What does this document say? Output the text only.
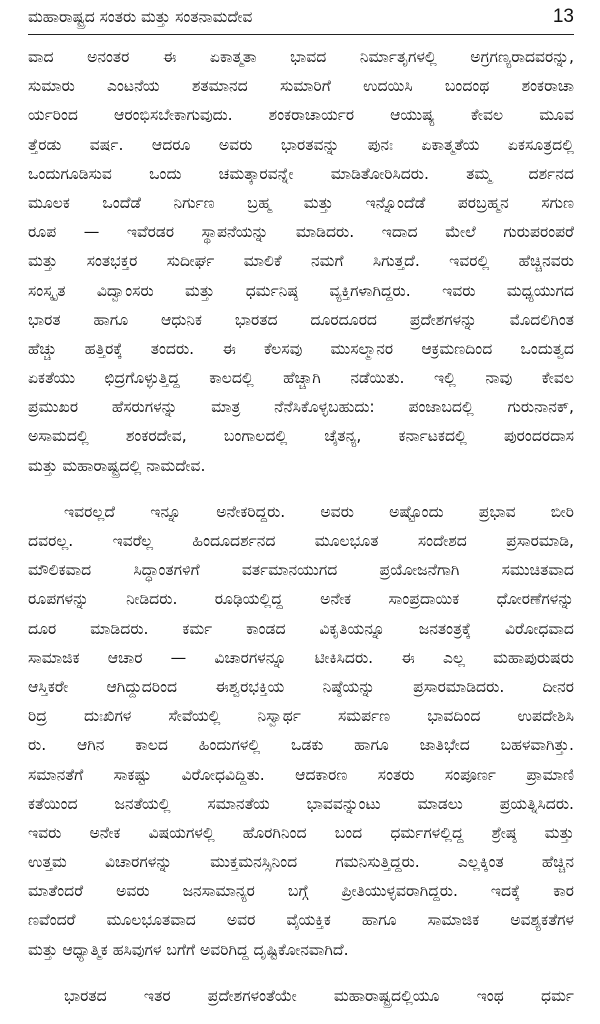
ಮಹಾರಾಷ್ಟ್ರದ ಸಂತರು ಮತ್ತು ಸಂತನಾಮದೇವ	13
ವಾದ ಅನಂತರ ಈ ಏಕಾತ್ಮತಾ ಭಾವದ ನಿರ್ಮಾತೃಗಳಲ್ಲಿ ಅಗ್ರಗಣ್ಯರಾದವರನ್ನು,
ಸುಮಾರು ಎಂಟನೆಯ ಶತಮಾನದ ಸುಮಾರಿಗೆ ಉದಯಿಸಿ ಬಂದಂಥ ಶಂಕರಾಚಾ
ರ್ಯರಿಂದ ಆರಂಭಿಸಬೇಕಾಗುವುದು. ಶಂಕರಾಚಾರ್ಯರ ಆಯುಷ್ಯ ಕೇವಲ ಮೂವ
ತ್ತೆರಡು ವರ್ಷ. ಆದರೂ ಅವರು ಭಾರತವನ್ನು ಪುನಃ ಏಕಾತ್ಮತೆಯ ಏಕಸೂತ್ರದಲ್ಲಿ
ಒಂದುಗೂಡಿಸುವ ಒಂದು ಚಮತ್ಕಾರವನ್ನೇ ಮಾಡಿತೋರಿಸಿದರು. ತಮ್ಮ ದರ್ಶನದ
ಮೂಲಕ ಒಂದೆಡೆ ನಿರ್ಗುಣ ಬ್ರಹ್ಮ ಮತ್ತು ಇನ್ನೊಂದೆಡೆ ಪರಬ್ರಹ್ಮನ ಸಗುಣ
ರೂಪ — ಇವೆರಡರ ಸ್ಥಾಪನೆಯನ್ನು ಮಾಡಿದರು. ಇದಾದ ಮೇಲೆ ಗುರುಪರಂಪರೆ
ಮತ್ತು ಸಂತಭಕ್ತರ ಸುದೀರ್ಘ ಮಾಲಿಕೆ ನಮಗೆ ಸಿಗುತ್ತದೆ. ಇವರಲ್ಲಿ ಹೆಚ್ಚಿನವರು
ಸಂಸ್ಕೃತ ವಿದ್ವಾಂಸರು ಮತ್ತು ಧರ್ಮನಿಷ್ಠ ವ್ಯಕ್ತಿಗಳಾಗಿದ್ದರು. ಇವರು ಮಧ್ಯಯುಗದ
ಭಾರತ ಹಾಗೂ ಆಧುನಿಕ ಭಾರತದ ದೂರದೂರದ ಪ್ರದೇಶಗಳನ್ನು ಮೊದಲಿಗಿಂತ
ಹೆಚ್ಚು ಹತ್ತಿರಕ್ಕೆ ತಂದರು. ಈ ಕೆಲಸವು ಮುಸಲ್ಮಾನರ ಆಕ್ರಮಣದಿಂದ ಒಂದುತ್ವದ
ಏಕತೆಯು ಛಿದ್ರಗೊಳ್ಳುತ್ತಿದ್ದ ಕಾಲದಲ್ಲಿ ಹೆಚ್ಚಾಗಿ ನಡೆಯಿತು. ಇಲ್ಲಿ ನಾವು ಕೇವಲ
ಪ್ರಮುಖರ ಹೆಸರುಗಳನ್ನು ಮಾತ್ರ ನೆನೆಸಿಕೊಳ್ಳಬಹುದು: ಪಂಜಾಬದಲ್ಲಿ ಗುರುನಾನಕ್,
ಅಸಾಮದಲ್ಲಿ ಶಂಕರದೇವ, ಬಂಗಾಲದಲ್ಲಿ ಚೈತನ್ಯ, ಕರ್ನಾಟಕದಲ್ಲಿ ಪುರಂದರದಾಸ
ಮತ್ತು ಮಹಾರಾಷ್ಟ್ರದಲ್ಲಿ ನಾಮದೇವ.
ಇವರಲ್ಲದೆ ಇನ್ನೂ ಅನೇಕರಿದ್ದರು. ಅವರು ಅಷ್ಟೊಂದು ಪ್ರಭಾವ ಬೀರಿ
ದವರಲ್ಲ. ಇವರೆಲ್ಲ ಹಿಂದೂದರ್ಶನದ ಮೂಲಭೂತ ಸಂದೇಶದ ಪ್ರಸಾರಮಾಡಿ,
ಮೌಲಿಕವಾದ ಸಿದ್ಧಾಂತಗಳಿಗೆ ವರ್ತಮಾನಯುಗದ ಪ್ರಯೋಜನೆಗಾಗಿ ಸಮುಚಿತವಾದ
ರೂಪಗಳನ್ನು ನೀಡಿದರು. ರೂಢಿಯಲ್ಲಿದ್ದ ಅನೇಕ ಸಾಂಪ್ರದಾಯಿಕ ಧೋರಣೆಗಳನ್ನು
ದೂರ ಮಾಡಿದರು. ಕರ್ಮ ಕಾಂಡದ ವಿಕೃತಿಯನ್ನೂ ಜನತಂತ್ರಕ್ಕೆ ವಿರೋಧವಾದ
ಸಾಮಾಜಿಕ ಆಚಾರ — ವಿಚಾರಗಳನ್ನೂ ಟೀಕಿಸಿದರು. ಈ ಎಲ್ಲ ಮಹಾಪುರುಷರು
ಆಸ್ತಿಕರೇ ಆಗಿದ್ದುದರಿಂದ ಈಶ್ವರಭಕ್ತಿಯ ನಿಷ್ಠೆಯನ್ನು ಪ್ರಸಾರಮಾಡಿದರು. ದೀನರ
ರಿದ್ರ ದುಃಖಿಗಳ ಸೇವೆಯಲ್ಲಿ ನಿಸ್ವಾರ್ಥ ಸಮರ್ಪಣ ಭಾವದಿಂದ ಉಪದೇಶಿಸಿ
ರು. ಆಗಿನ ಕಾಲದ ಹಿಂದುಗಳಲ್ಲಿ ಒಡಕು ಹಾಗೂ ಜಾತಿಭೇದ ಬಹಳವಾಗಿತ್ತು.
ಸಮಾನತೆಗೆ ಸಾಕಷ್ಟು ವಿರೋಧವಿದ್ದಿತು. ಆದಕಾರಣ ಸಂತರು ಸಂಪೂರ್ಣ ಪ್ರಾಮಾಣಿ
ಕತೆಯಿಂದ ಜನತೆಯಲ್ಲಿ ಸಮಾನತೆಯ ಭಾವವನ್ನುಂಟು ಮಾಡಲು ಪ್ರಯತ್ನಿಸಿದರು.
ಇವರು ಅನೇಕ ವಿಷಯಗಳಲ್ಲಿ ಹೊರಗಿನಿಂದ ಬಂದ ಧರ್ಮಗಳಲ್ಲಿದ್ದ ಶ್ರೇಷ್ಠ ಮತ್ತು
ಉತ್ತಮ ವಿಚಾರಗಳನ್ನು ಮುಕ್ತಮನಸ್ಸಿನಿಂದ ಗಮನಿಸುತ್ತಿದ್ದರು. ಎಲ್ಲಕ್ಕಿಂತ ಹೆಚ್ಚಿನ
ಮಾತೆಂದರೆ ಅವರು ಜನಸಾಮಾನ್ಯರ ಬಗ್ಗೆ ಪ್ರೀತಿಯುಳ್ಳವರಾಗಿದ್ದರು. ಇದಕ್ಕೆ ಕಾರ
ಣವೆಂದರೆ ಮೂಲಭೂತವಾದ ಅವರ ವೈಯಕ್ತಿಕ ಹಾಗೂ ಸಾಮಾಜಿಕ ಅವಶ್ಯಕತೆಗಳ
ಮತ್ತು ಆಧ್ಯಾತ್ಮಿಕ ಹಸಿವುಗಳ ಬಗೆಗೆ ಅವರಿಗಿದ್ದ ದೃಷ್ಟಿಕೋನವಾಗಿದೆ.
ಭಾರತದ ಇತರ ಪ್ರದೇಶಗಳಂತೆಯೇ ಮಹಾರಾಷ್ಟ್ರದಲ್ಲಿಯೂ ಇಂಥ ಧರ್ಮ
